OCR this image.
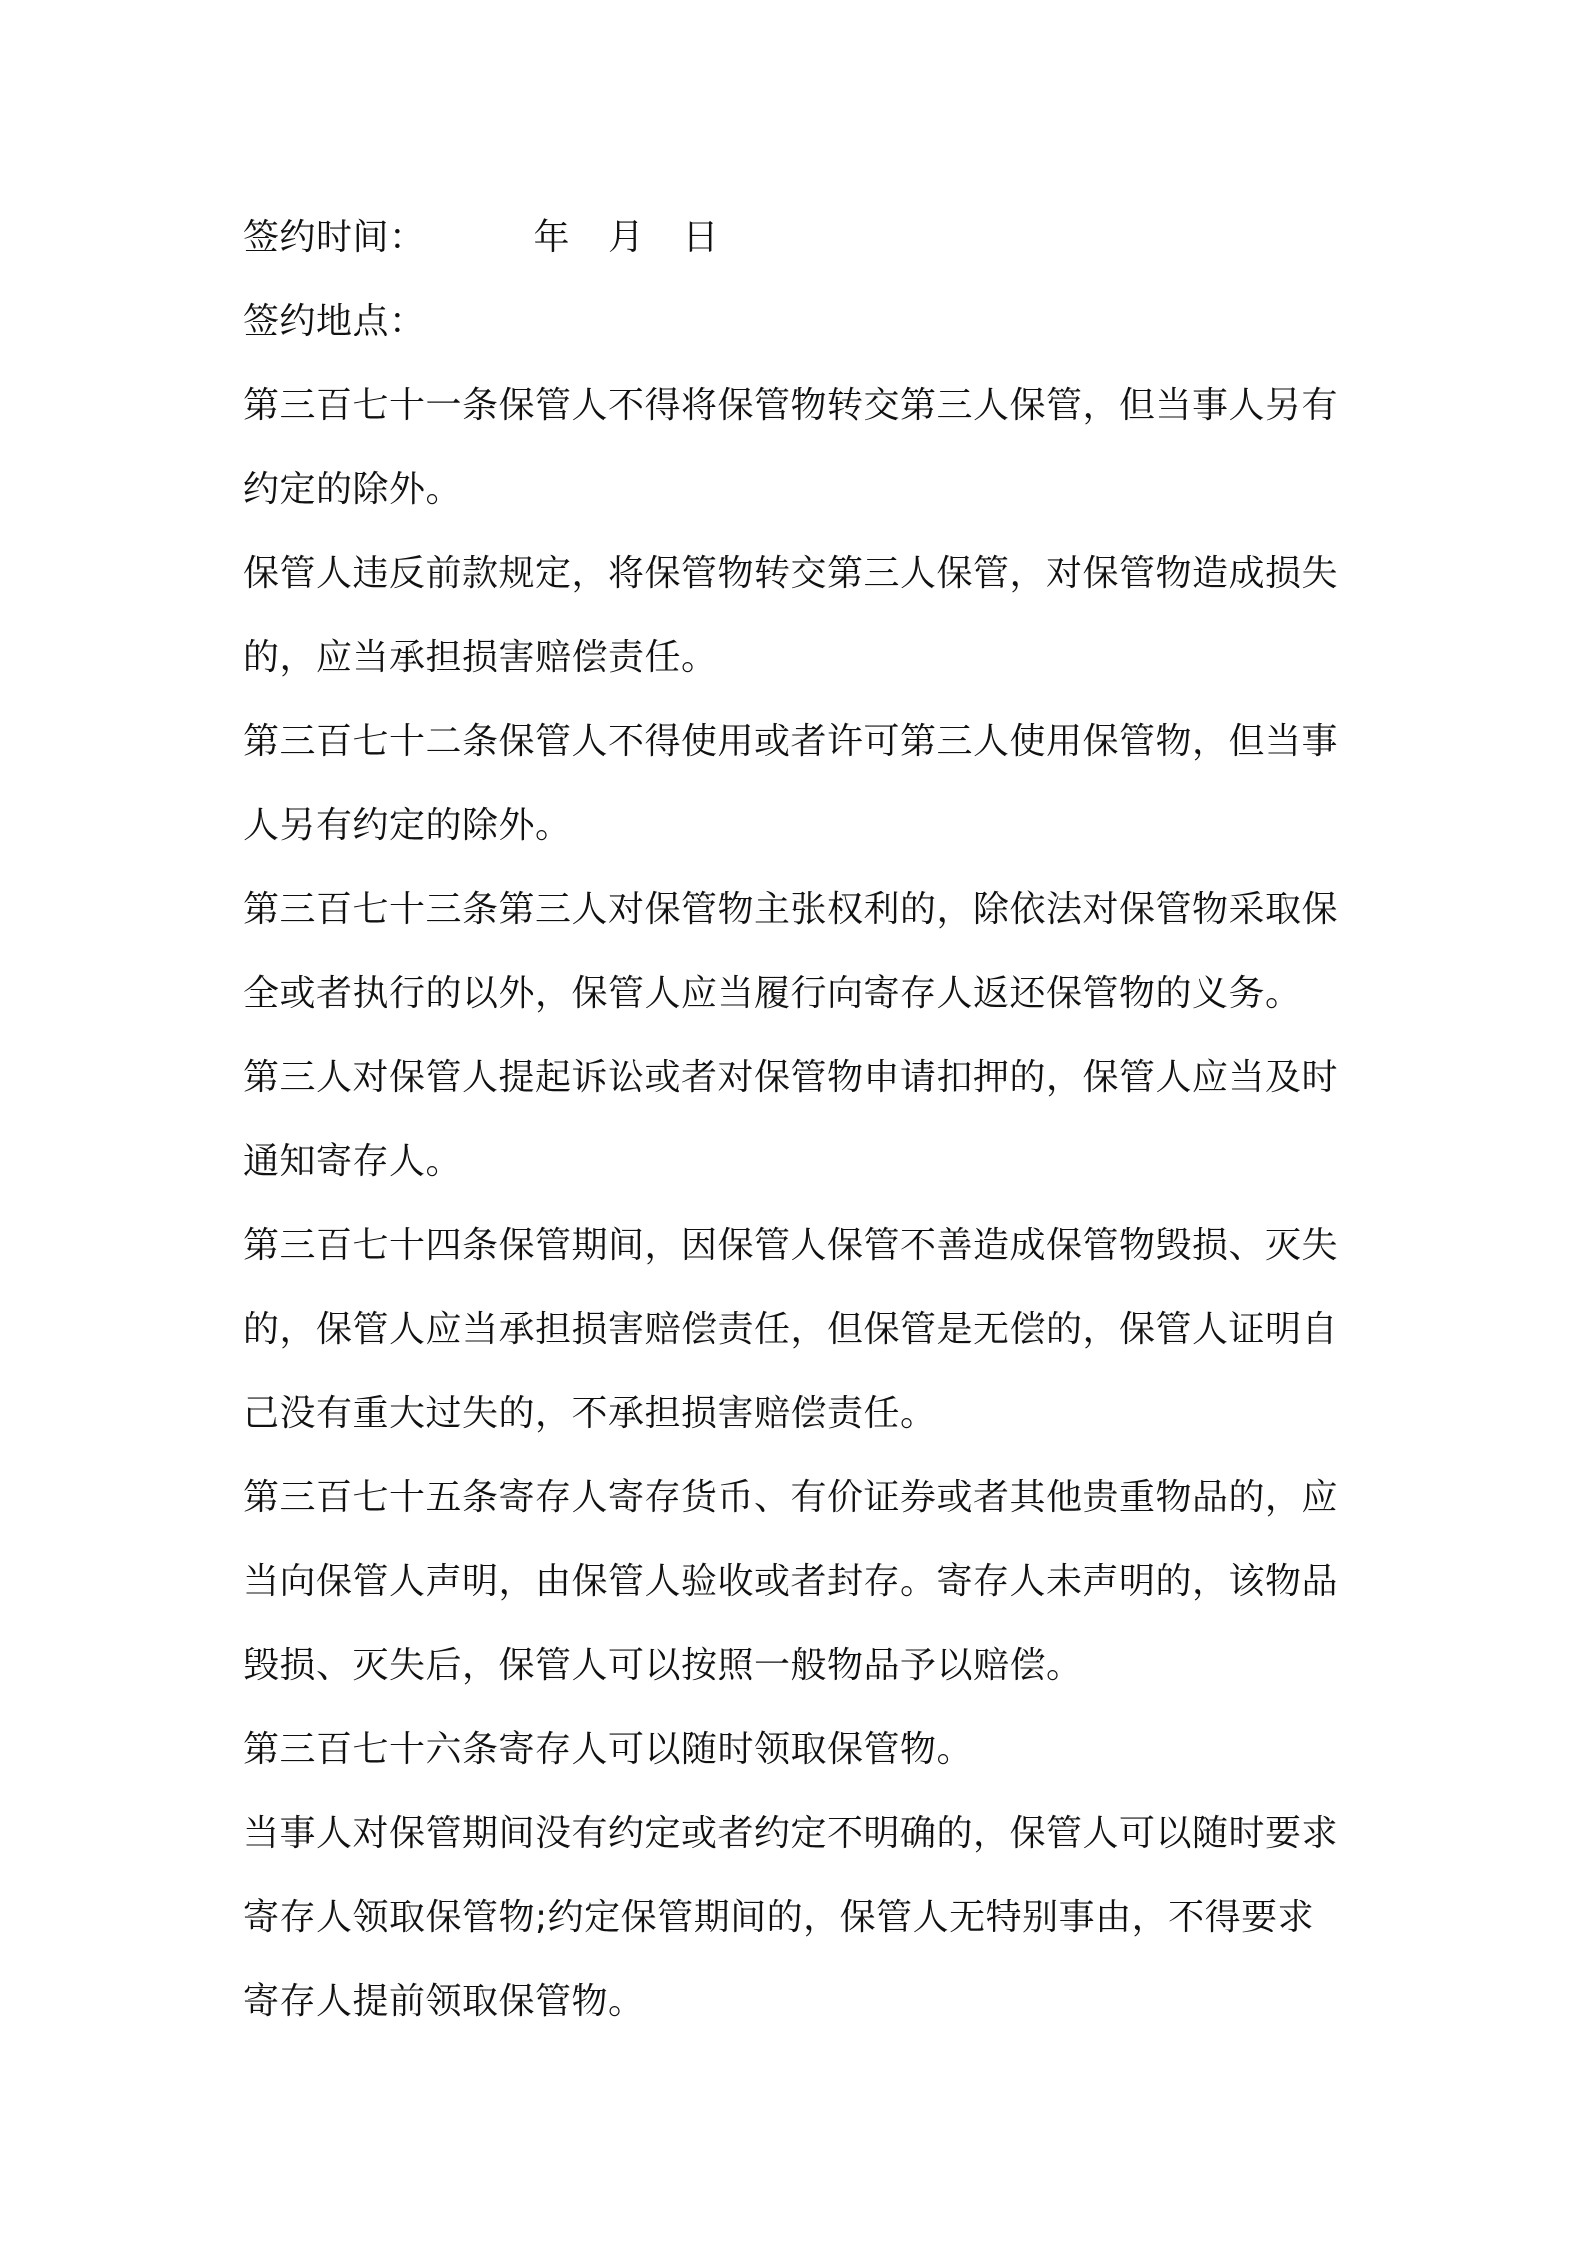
签约时间：	年 月 日
签约地点：
第三百七十一条保管人不得将保管物转交第三人保管，但当事人另有
约定的除外。
保管人违反前款规定，将保管物转交第三人保管，对保管物造成损失
的，应当承担损害赔偿责任。
第三百七十二条保管人不得使用或者许可第三人使用保管物，但当事
人另有约定的除外。
第三百七十三条第三人对保管物主张权利的，除依法对保管物采取保
全或者执行的以外，保管人应当履行向寄存人返还保管物的义务。
第三人对保管人提起诉讼或者对保管物申请扣押的，保管人应当及时
通知寄存人。
第三百七十四条保管期间，因保管人保管不善造成保管物毁损、灭失
的，保管人应当承担损害赔偿责任，但保管是无偿的，保管人证明自
己没有重大过失的，不承担损害赔偿责任。
第三百七十五条寄存人寄存货币、有价证券或者其他贵重物品的，应
当向保管人声明，由保管人验收或者封存。寄存人未声明的，该物品
毁损、灭失后，保管人可以按照一般物品予以赔偿。
第三百七十六条寄存人可以随时领取保管物。
当事人对保管期间没有约定或者约定不明确的，保管人可以随时要求
寄存人领取保管物;约定保管期间的，保管人无特别事由，不得要求
寄存人提前领取保管物。
